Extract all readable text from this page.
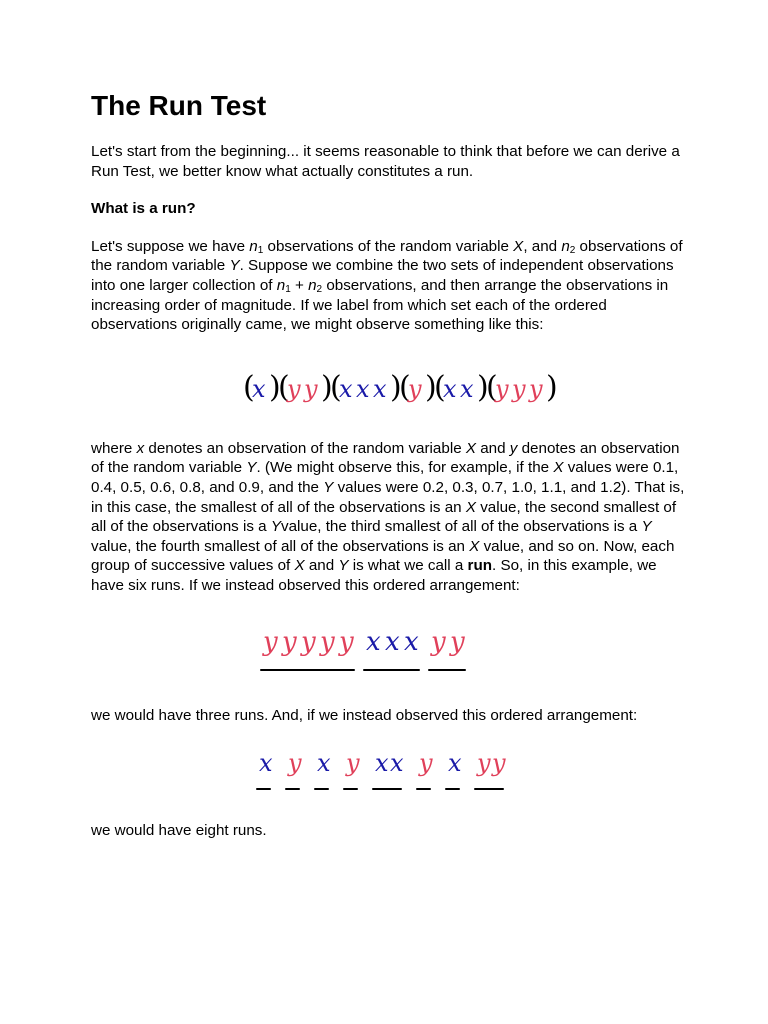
The Run Test

Let's start from the beginning... it seems reasonable to think that before we can derive a Run Test, we better know what actually constitutes a run.

What is a run?

Let's suppose we have $n_1$ observations of the random variable X, and $n_2$ observations of the random variable Y. Suppose we combine the two sets of independent observations into one larger collection of $n_1 + n_2$ observations, and then arrange the observations in increasing order of magnitude. If we label from which set each of the ordered observations originally came, we might observe something like this:

(
x )
(
y y )
(
x x x )
(
y )
(
x x )
(
y y y )

where x denotes an observation of the random variable X and y denotes an observation of the random variable Y. (We might observe this, for example, if the X values were 0.1, 0.4, 0.5, 0.6, 0.8, and 0.9, and the Y values were 0.2, 0.3, 0.7, 1.0, 1.1, and 1.2). That is, in this case, the smallest of all of the observations is an X value, the second smallest of all of the observations is a Yvalue, the third smallest of all of the observations is a Y value, the fourth smallest of all of the observations is an X value, and so on. Now, each group of successive values of X and Y is what we call a run. So, in this example, we have six runs. If we instead observed this ordered arrangement:

y y y y y x x x y y

we would have three runs. And, if we instead observed this ordered arrangement:

x y x y x x y x y y

we would have eight runs.
